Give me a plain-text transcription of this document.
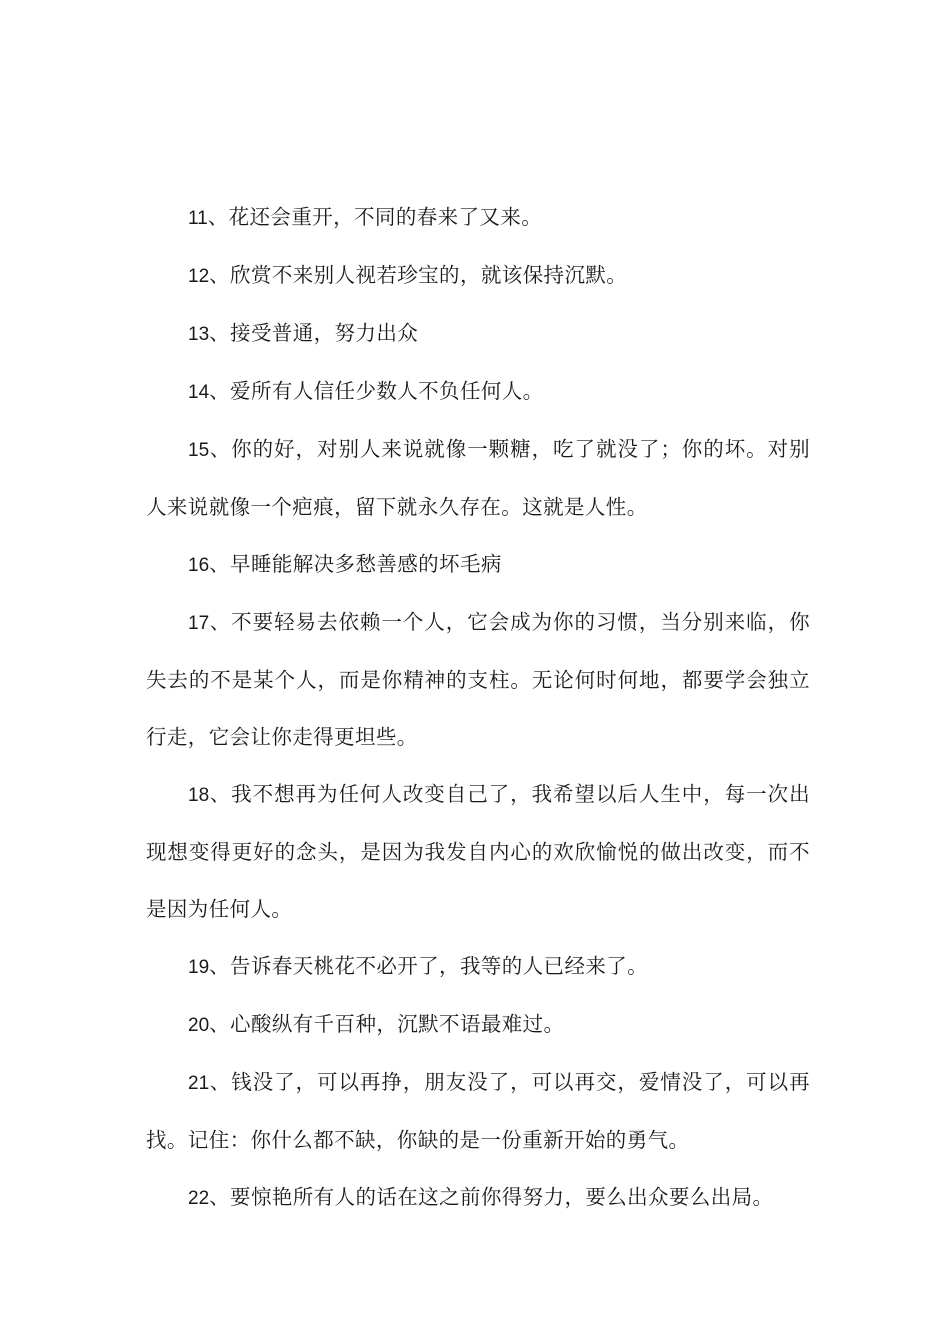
11、花还会重开，不同的春来了又来。

12、欣赏不来别人视若珍宝的，就该保持沉默。

13、接受普通，努力出众

14、爱所有人信任少数人不负任何人。

15、你的好，对别人来说就像一颗糖，吃了就没了；你的坏。对别人来说就像一个疤痕，留下就永久存在。这就是人性。

16、早睡能解决多愁善感的坏毛病

17、不要轻易去依赖一个人，它会成为你的习惯，当分别来临，你失去的不是某个人，而是你精神的支柱。无论何时何地，都要学会独立行走，它会让你走得更坦些。

18、我不想再为任何人改变自己了，我希望以后人生中，每一次出现想变得更好的念头，是因为我发自内心的欢欣愉悦的做出改变，而不是因为任何人。

19、告诉春天桃花不必开了，我等的人已经来了。

20、心酸纵有千百种，沉默不语最难过。

21、钱没了，可以再挣，朋友没了，可以再交，爱情没了，可以再找。记住：你什么都不缺，你缺的是一份重新开始的勇气。

22、要惊艳所有人的话在这之前你得努力，要么出众要么出局。
